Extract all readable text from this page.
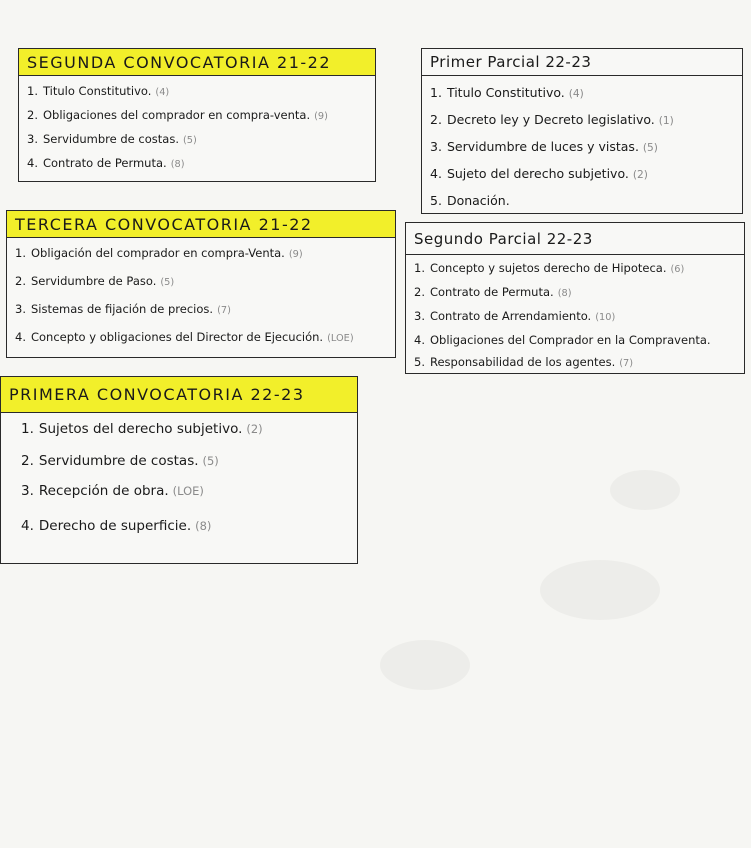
SEGUNDA CONVOCATORIA 21-22
1. Titulo Constitutivo. (4)
2. Obligaciones del comprador en compra-venta. (9)
3. Servidumbre de costas. (5)
4. Contrato de Permuta. (8)
Primer Parcial 22-23
1. Titulo Constitutivo. (4)
2. Decreto ley y Decreto legislativo. (1)
3. Servidumbre de luces y vistas. (5)
4. Sujeto del derecho subjetivo. (2)
5. Donación.
TERCERA CONVOCATORIA 21-22
1. Obligación del comprador en compra-Venta. (9)
2. Servidumbre de Paso. (5)
3. Sistemas de fijación de precios. (7)
4. Concepto y obligaciones del Director de Ejecución. (LOE)
Segundo Parcial 22-23
1. Concepto y sujetos derecho de Hipoteca. (6)
2. Contrato de Permuta. (8)
3. Contrato de Arrendamiento. (10)
4. Obligaciones del Comprador en la Compraventa.
5. Responsabilidad de los agentes. (7)
PRIMERA CONVOCATORIA 22-23
1. Sujetos del derecho subjetivo. (2)
2. Servidumbre de costas. (5)
3. Recepción de obra. (LOE)
4. Derecho de superficie. (8)
